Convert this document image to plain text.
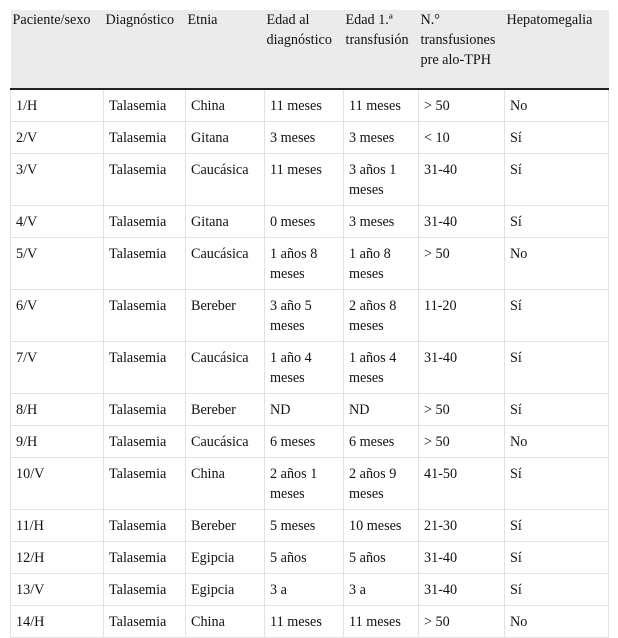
Paciente/sexo	Diagnóstico	Etnia	Edad al diagnóstico	Edad 1.ª transfusión	N.° transfusiones pre alo-TPH	Hepatomegalia
1/H	Talasemia	China	11 meses	11 meses	> 50	No
2/V	Talasemia	Gitana	3 meses	3 meses	< 10	Sí
3/V	Talasemia	Caucásica	11 meses	3 años 1 meses	31-40	Sí
4/V	Talasemia	Gitana	0 meses	3 meses	31-40	Sí
5/V	Talasemia	Caucásica	1 años 8 meses	1 año 8 meses	> 50	No
6/V	Talasemia	Bereber	3 año 5 meses	2 años 8 meses	11-20	Sí
7/V	Talasemia	Caucásica	1 año 4 meses	1 años 4 meses	31-40	Sí
8/H	Talasemia	Bereber	ND	ND	> 50	Sí
9/H	Talasemia	Caucásica	6 meses	6 meses	> 50	No
10/V	Talasemia	China	2 años 1 meses	2 años 9 meses	41-50	Sí
11/H	Talasemia	Bereber	5 meses	10 meses	21-30	Sí
12/H	Talasemia	Egipcia	5 años	5 años	31-40	Sí
13/V	Talasemia	Egipcia	3 a	3 a	31-40	Sí
14/H	Talasemia	China	11 meses	11 meses	> 50	No
